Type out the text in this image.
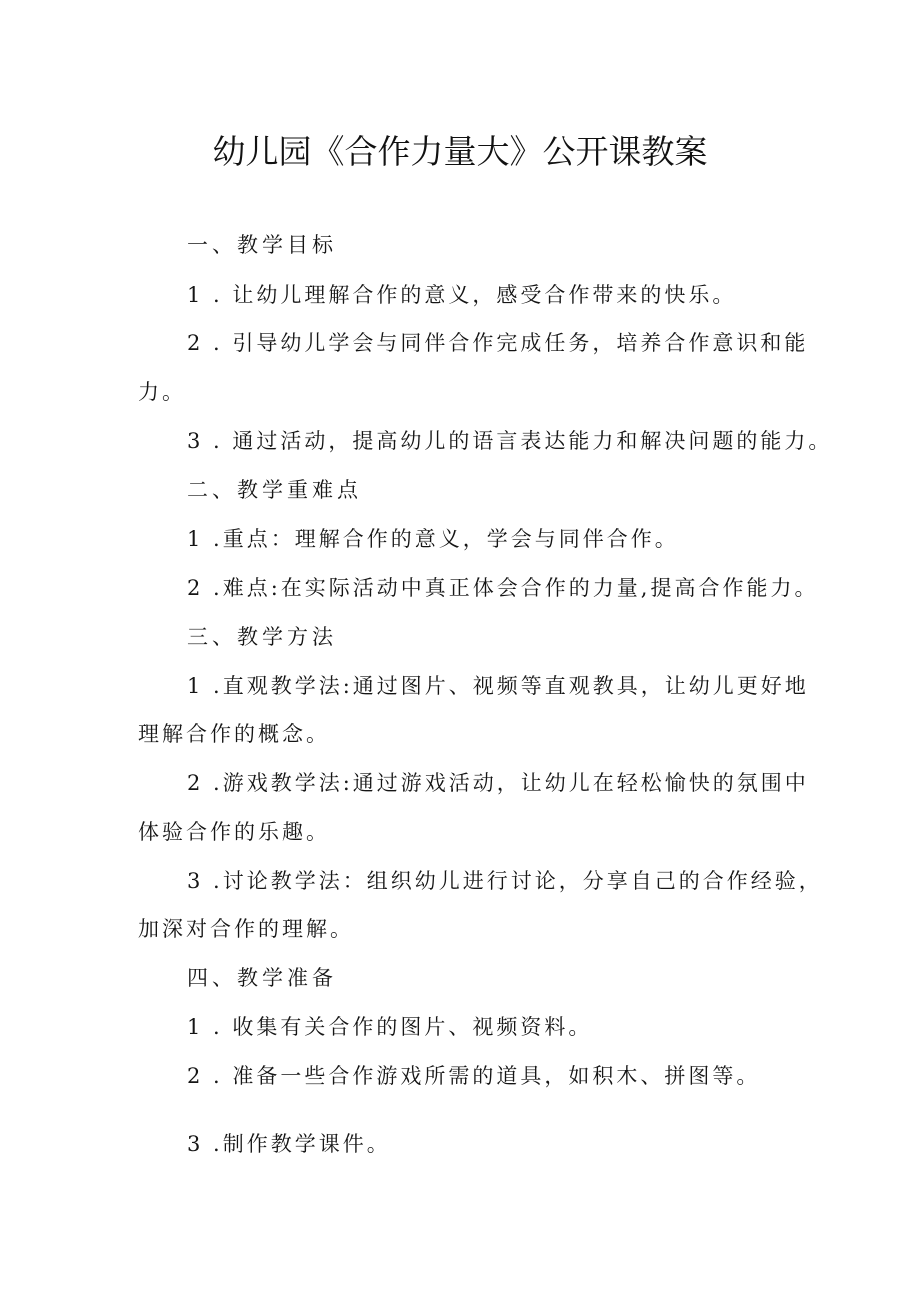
幼儿园《合作力量大》公开课教案
一、教学目标
1 . 让幼儿理解合作的意义，感受合作带来的快乐。
2 . 引导幼儿学会与同伴合作完成任务，培养合作意识和能
力。
3 . 通过活动，提高幼儿的语言表达能力和解决问题的能力。
二、教学重难点
1 .重点：理解合作的意义，学会与同伴合作。
2 .难点:在实际活动中真正体会合作的力量,提高合作能力。
三、教学方法
1 .直观教学法:通过图片、视频等直观教具，让幼儿更好地
理解合作的概念。
2 .游戏教学法:通过游戏活动，让幼儿在轻松愉快的氛围中
体验合作的乐趣。
3 .讨论教学法：组织幼儿进行讨论，分享自己的合作经验，
加深对合作的理解。
四、教学准备
1 . 收集有关合作的图片、视频资料。
2 . 准备一些合作游戏所需的道具，如积木、拼图等。
3 .制作教学课件。
